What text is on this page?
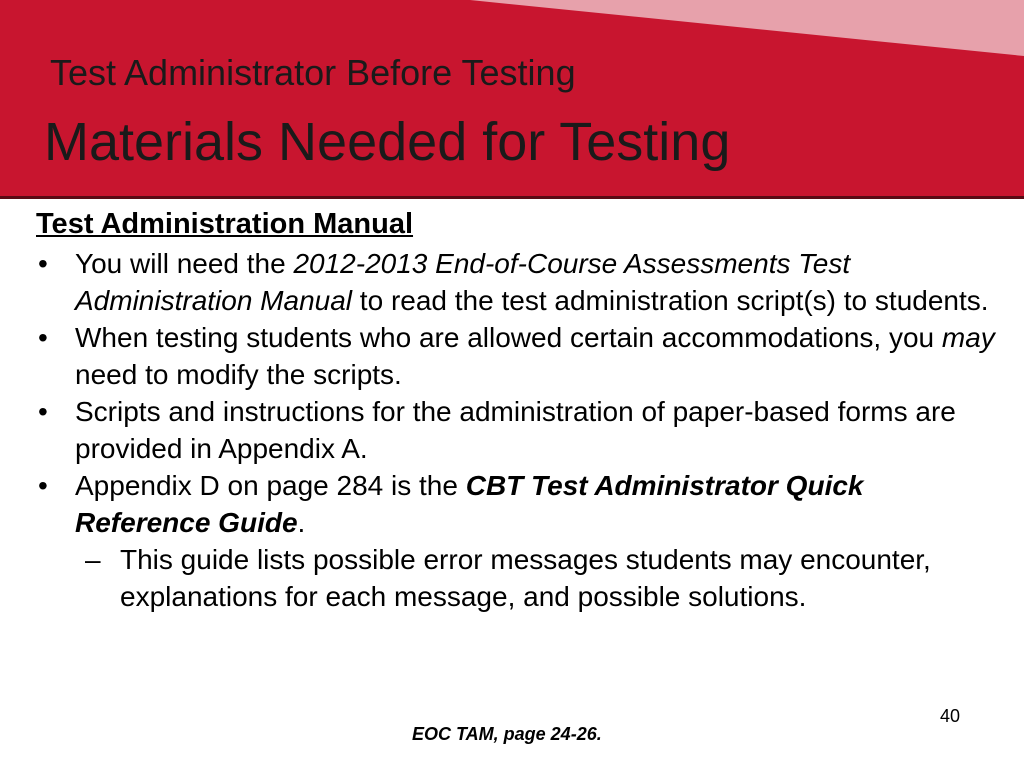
Test Administrator Before Testing
Materials Needed for Testing
Test Administration Manual
• You will need the 2012-2013 End-of-Course Assessments Test Administration Manual to read the test administration script(s) to students.
• When testing students who are allowed certain accommodations, you may need to modify the scripts.
• Scripts and instructions for the administration of paper-based forms are provided in Appendix A.
• Appendix D on page 284 is the CBT Test Administrator Quick Reference Guide.
– This guide lists possible error messages students may encounter, explanations for each message, and possible solutions.
40
EOC TAM, page 24-26.
